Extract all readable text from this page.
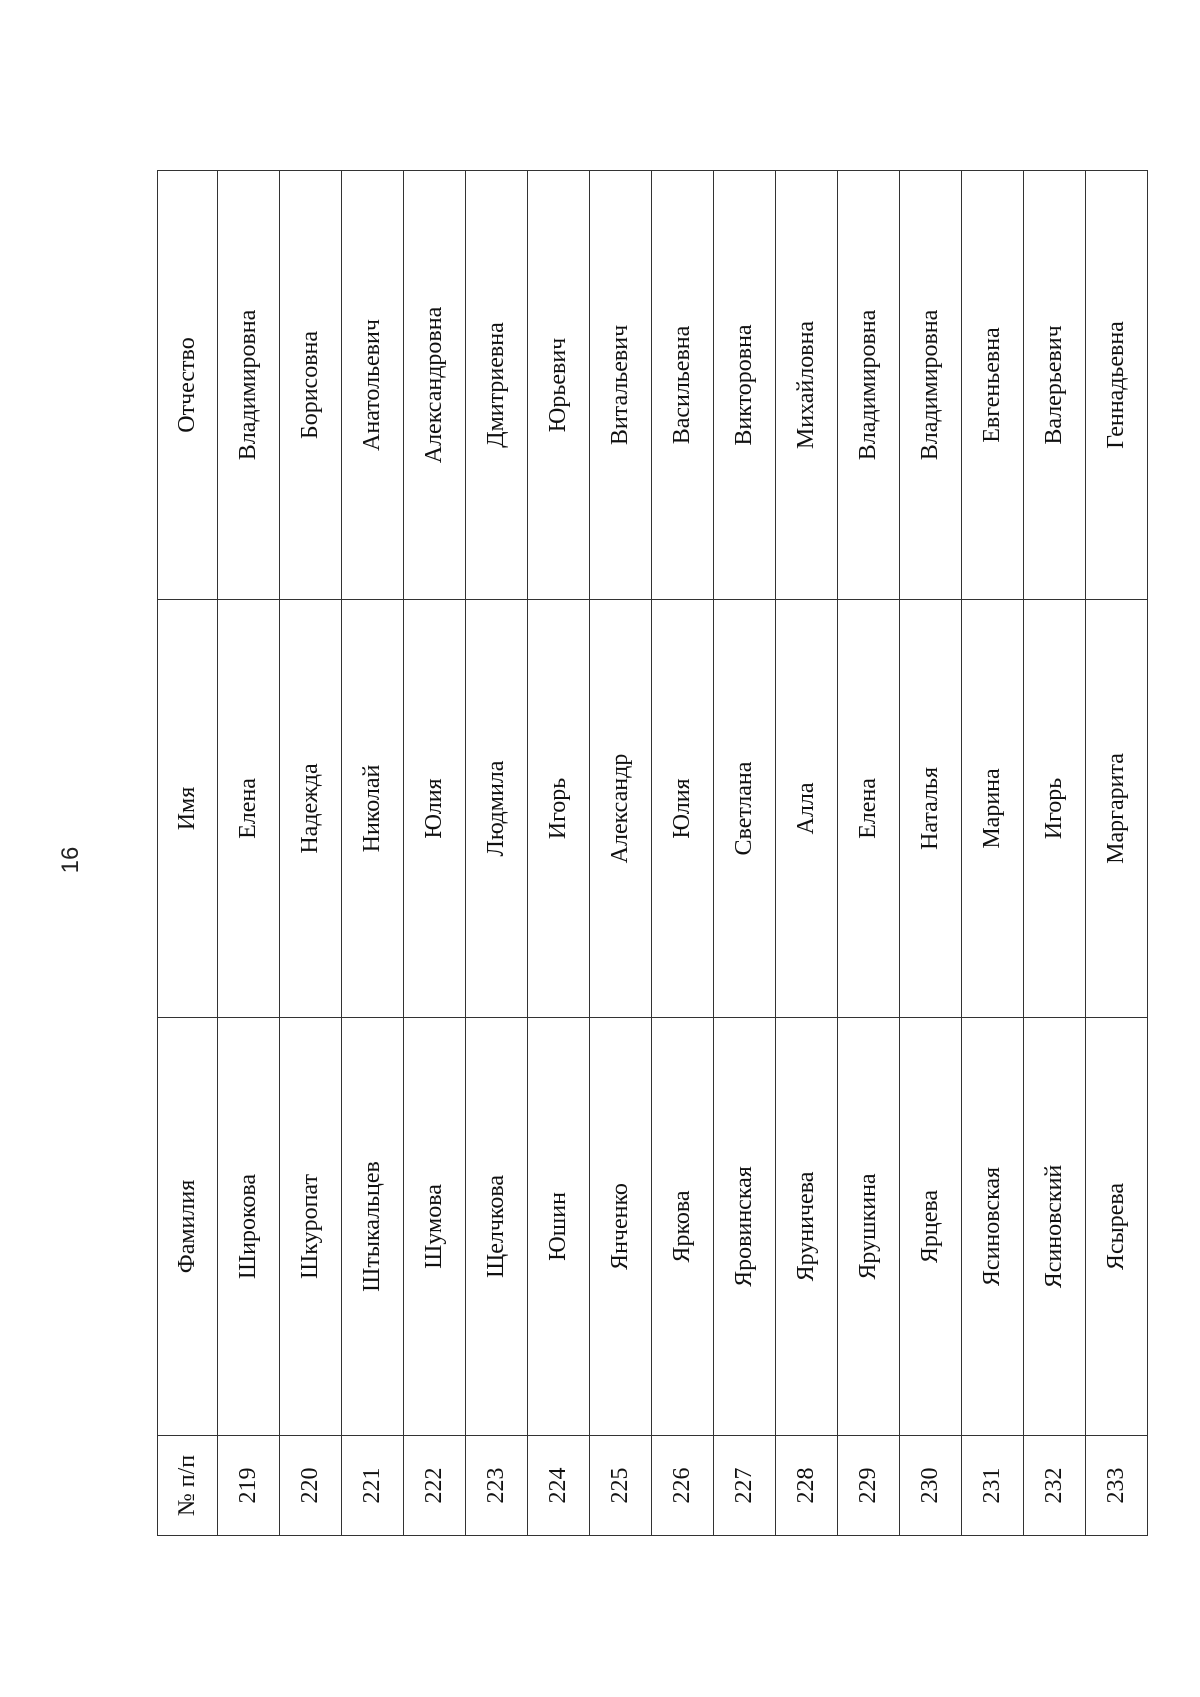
16
№ п/п	Фамилия	Имя	Отчество
219	Широкова	Елена	Владимировна
220	Шкуропат	Надежда	Борисовна
221	Штыкальцев	Николай	Анатольевич
222	Шумова	Юлия	Александровна
223	Щелчкова	Людмила	Дмитриевна
224	Юшин	Игорь	Юрьевич
225	Янченко	Александр	Витальевич
226	Яркова	Юлия	Васильевна
227	Яровинская	Светлана	Викторовна
228	Яруничева	Алла	Михайловна
229	Ярушкина	Елена	Владимировна
230	Ярцева	Наталья	Владимировна
231	Ясиновская	Марина	Евгеньевна
232	Ясиновский	Игорь	Валерьевич
233	Ясырева	Маргарита	Геннадьевна
